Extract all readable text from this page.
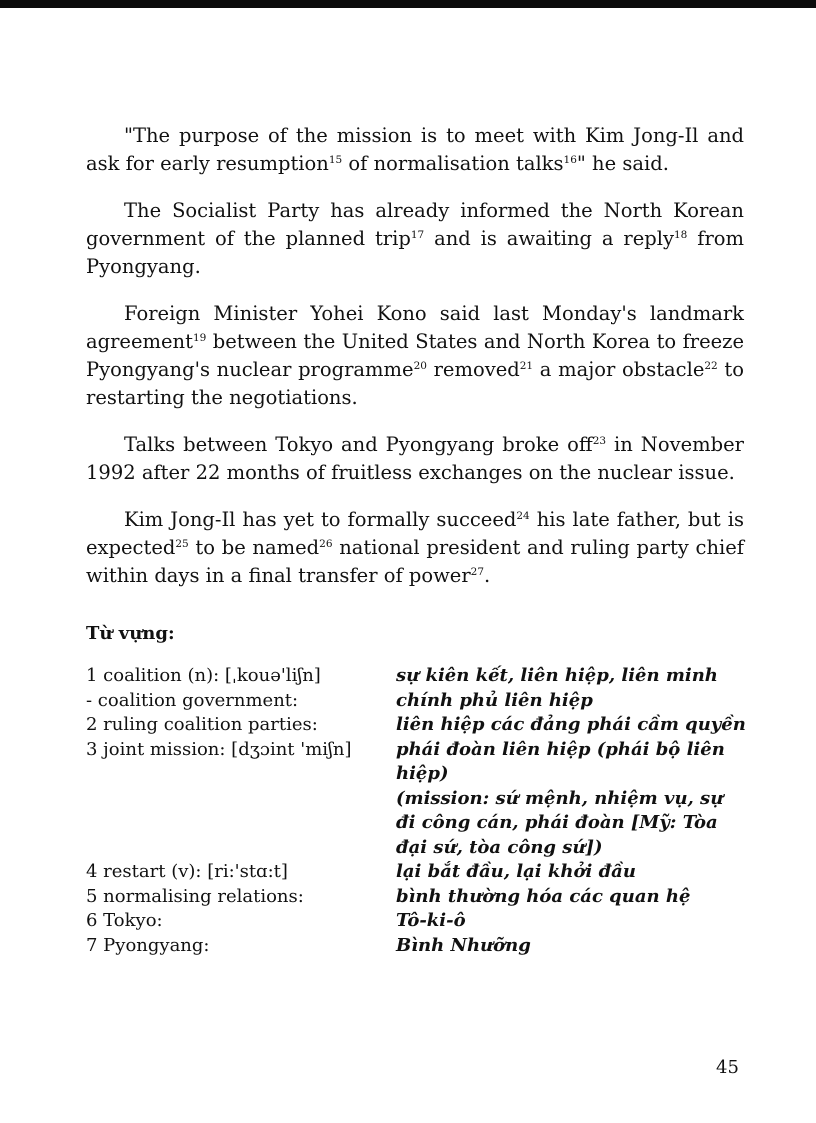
"The purpose of the mission is to meet with Kim Jong-Il and ask for early resumption$^{15}$ of normalisation talks$^{16}$" he said.

The Socialist Party has already informed the North Korean government of the planned trip$^{17}$ and is awaiting a reply$^{18}$ from Pyongyang.

Foreign Minister Yohei Kono said last Monday's landmark agreement$^{19}$ between the United States and North Korea to freeze Pyongyang's nuclear programme$^{20}$ removed$^{21}$ a major obstacle$^{22}$ to restarting the negotiations.

Talks between Tokyo and Pyongyang broke off$^{23}$ in November 1992 after 22 months of fruitless exchanges on the nuclear issue.

Kim Jong-Il has yet to formally succeed$^{24}$ his late father, but is expected$^{25}$ to be named$^{26}$ national president and ruling party chief within days in a final transfer of power$^{27}$.

Từ vựng:
1 coalition (n): [ˌkouə'liʃn]	sự kiên kết, liên hiệp, liên minh
- coalition government:	chính phủ liên hiệp
2 ruling coalition parties:	liên hiệp các đảng phái cầm quyền
3 joint mission: [dʒɔint 'miʃn]	phái đoàn liên hiệp (phái bộ liên hiệp)
(mission: sứ mệnh, nhiệm vụ, sự đi công cán, phái đoàn [Mỹ: Tòa đại sứ, tòa công sứ])
4 restart (v): [ri:'stɑ:t]	lại bắt đầu, lại khởi đầu
5 normalising relations:	bình thường hóa các quan hệ
6 Tokyo:	Tô-ki-ô
7 Pyongyang:	Bình Nhưỡng
45
